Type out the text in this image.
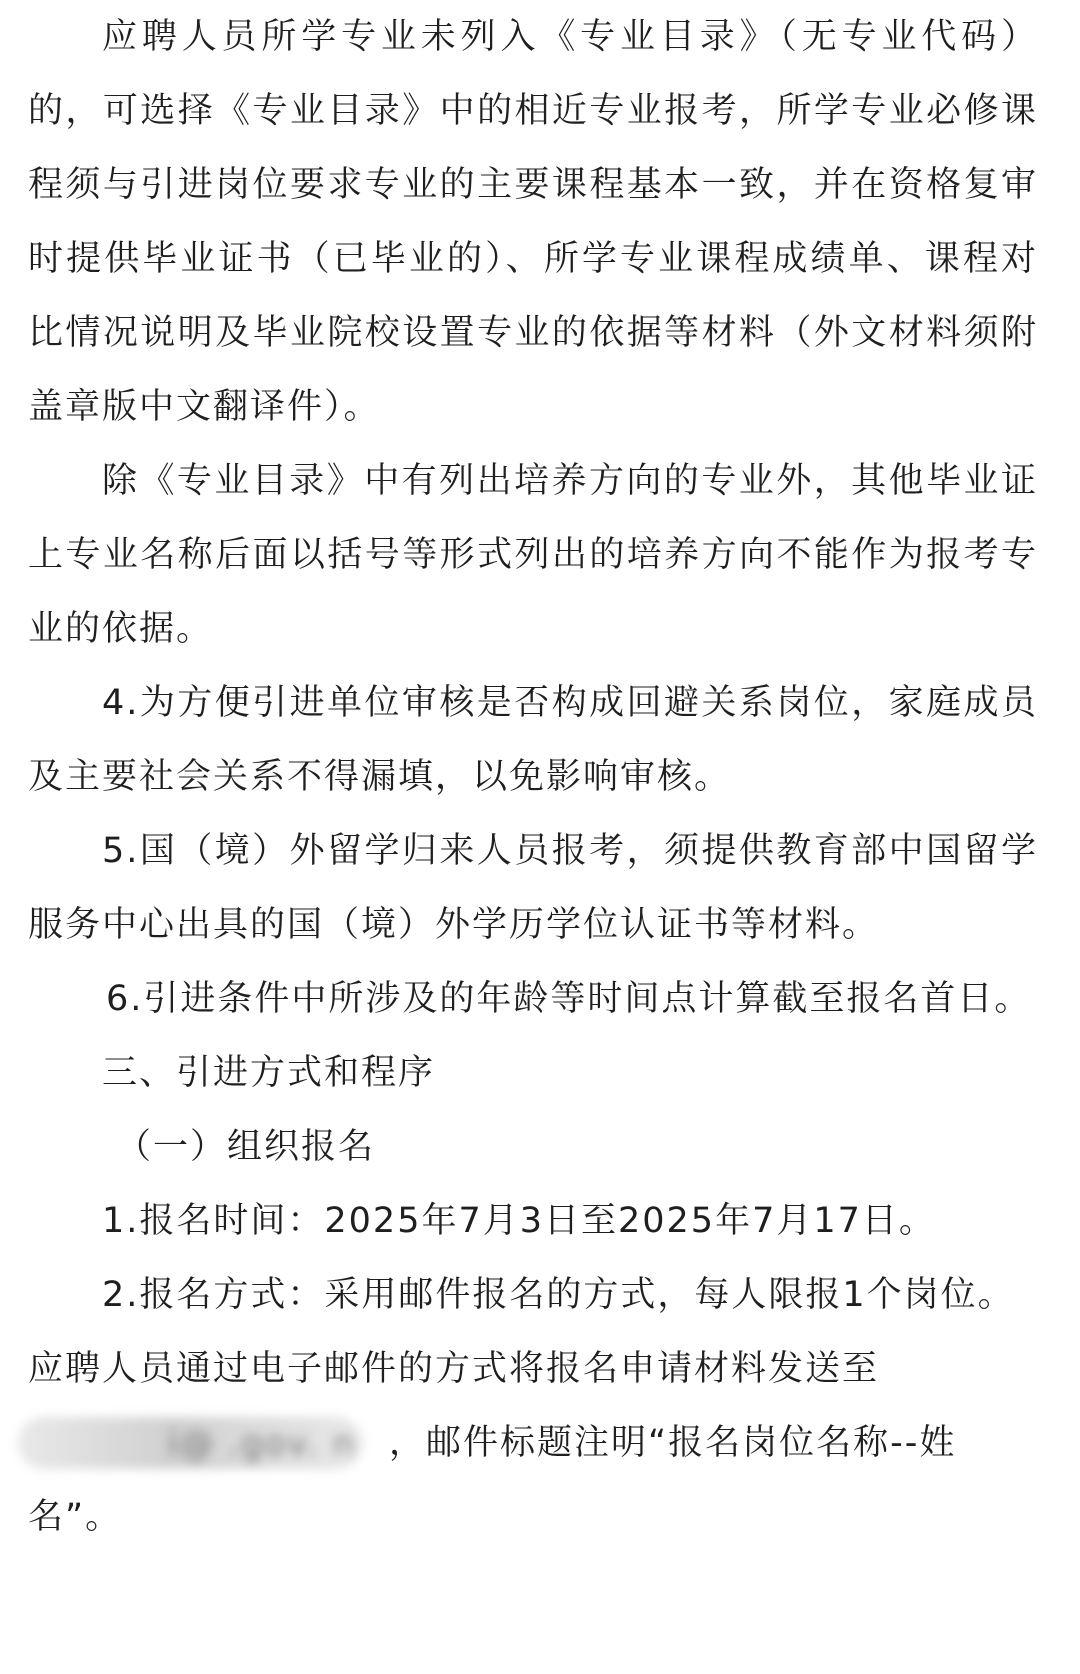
应聘人员所学专业未列入《专业目录》（无专业代码）的，可选择《专业目录》中的相近专业报考，所学专业必修课程须与引进岗位要求专业的主要课程基本一致，并在资格复审时提供毕业证书（已毕业的）、所学专业课程成绩单、课程对比情况说明及毕业院校设置专业的依据等材料（外文材料须附盖章版中文翻译件）。

除《专业目录》中有列出培养方向的专业外，其他毕业证上专业名称后面以括号等形式列出的培养方向不能作为报考专业的依据。

4.为方便引进单位审核是否构成回避关系岗位，家庭成员及主要社会关系不得漏填，以免影响审核。

5.国（境）外留学归来人员报考，须提供教育部中国留学服务中心出具的国（境）外学历学位认证书等材料。

6.引进条件中所涉及的年龄等时间点计算截至报名首日。

三、引进方式和程序

（一）组织报名

1.报名时间：2025年7月3日至2025年7月17日。

2.报名方式：采用邮件报名的方式，每人限报1个岗位。

应聘人员通过电子邮件的方式将报名申请材料发送至

i@ .gov. n ，邮件标题注明“报名岗位名称--姓

名”。
